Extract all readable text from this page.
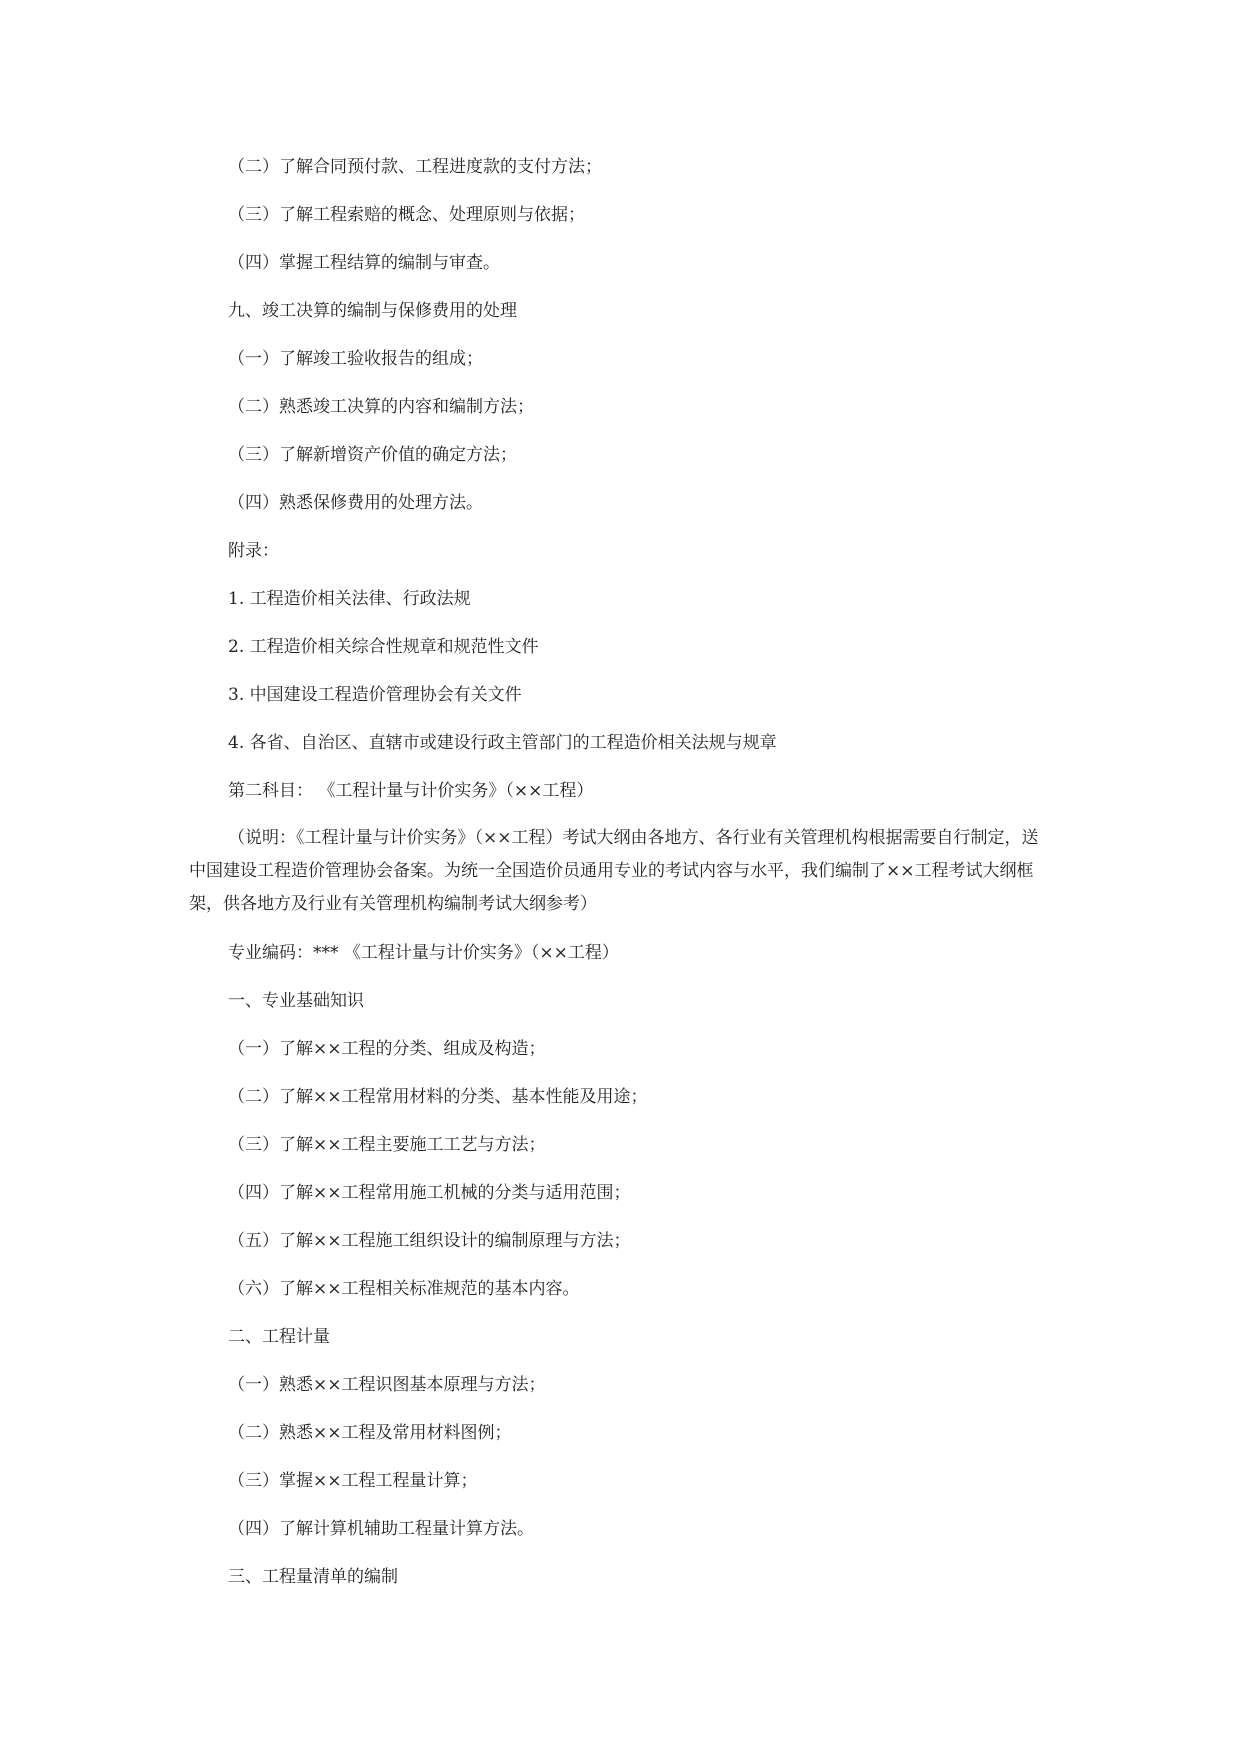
（二）了解合同预付款、工程进度款的支付方法；
（三）了解工程索赔的概念、处理原则与依据；
（四）掌握工程结算的编制与审查。
九、竣工决算的编制与保修费用的处理
（一）了解竣工验收报告的组成；
（二）熟悉竣工决算的内容和编制方法；
（三）了解新增资产价值的确定方法；
（四）熟悉保修费用的处理方法。
附录：
1. 工程造价相关法律、行政法规
2. 工程造价相关综合性规章和规范性文件
3. 中国建设工程造价管理协会有关文件
4. 各省、自治区、直辖市或建设行政主管部门的工程造价相关法规与规章
第二科目： 《工程计量与计价实务》（××工程）
（说明：《工程计量与计价实务》（××工程）考试大纲由各地方、各行业有关管理机构根据需要自行制定，送中国建设工程造价管理协会备案。为统一全国造价员通用专业的考试内容与水平，我们编制了××工程考试大纲框架，供各地方及行业有关管理机构编制考试大纲参考）
专业编码：*** 《工程计量与计价实务》（××工程）
一、专业基础知识
（一）了解××工程的分类、组成及构造；
（二）了解××工程常用材料的分类、基本性能及用途；
（三）了解××工程主要施工工艺与方法；
（四）了解××工程常用施工机械的分类与适用范围；
（五）了解××工程施工组织设计的编制原理与方法；
（六）了解××工程相关标准规范的基本内容。
二、工程计量
（一）熟悉××工程识图基本原理与方法；
（二）熟悉××工程及常用材料图例；
（三）掌握××工程工程量计算；
（四）了解计算机辅助工程量计算方法。
三、工程量清单的编制
